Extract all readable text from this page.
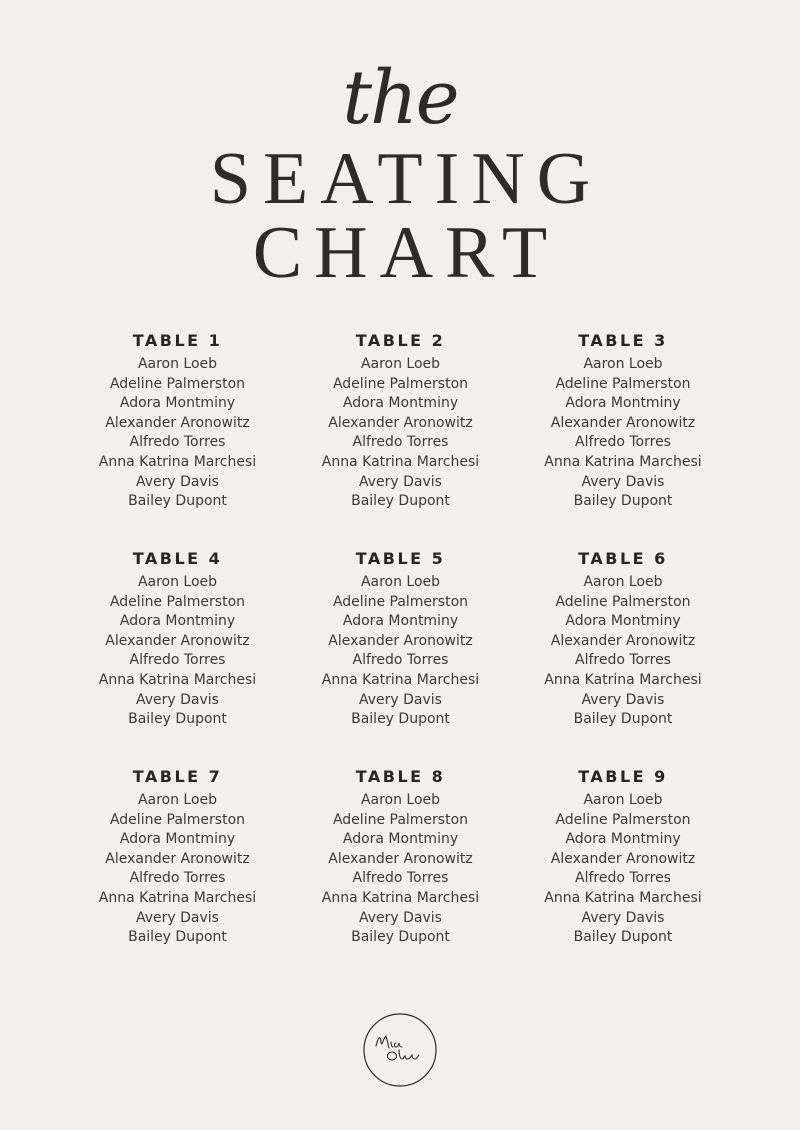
the
SEATING
CHART
TABLE 1
Aaron Loeb
Adeline Palmerston
Adora Montminy
Alexander Aronowitz
Alfredo Torres
Anna Katrina Marchesi
Avery Davis
Bailey Dupont
TABLE 2
Aaron Loeb
Adeline Palmerston
Adora Montminy
Alexander Aronowitz
Alfredo Torres
Anna Katrina Marchesi
Avery Davis
Bailey Dupont
TABLE 3
Aaron Loeb
Adeline Palmerston
Adora Montminy
Alexander Aronowitz
Alfredo Torres
Anna Katrina Marchesi
Avery Davis
Bailey Dupont
TABLE 4
Aaron Loeb
Adeline Palmerston
Adora Montminy
Alexander Aronowitz
Alfredo Torres
Anna Katrina Marchesi
Avery Davis
Bailey Dupont
TABLE 5
Aaron Loeb
Adeline Palmerston
Adora Montminy
Alexander Aronowitz
Alfredo Torres
Anna Katrina Marchesi
Avery Davis
Bailey Dupont
TABLE 6
Aaron Loeb
Adeline Palmerston
Adora Montminy
Alexander Aronowitz
Alfredo Torres
Anna Katrina Marchesi
Avery Davis
Bailey Dupont
TABLE 7
Aaron Loeb
Adeline Palmerston
Adora Montminy
Alexander Aronowitz
Alfredo Torres
Anna Katrina Marchesi
Avery Davis
Bailey Dupont
TABLE 8
Aaron Loeb
Adeline Palmerston
Adora Montminy
Alexander Aronowitz
Alfredo Torres
Anna Katrina Marchesi
Avery Davis
Bailey Dupont
TABLE 9
Aaron Loeb
Adeline Palmerston
Adora Montminy
Alexander Aronowitz
Alfredo Torres
Anna Katrina Marchesi
Avery Davis
Bailey Dupont
Mia Oliver
